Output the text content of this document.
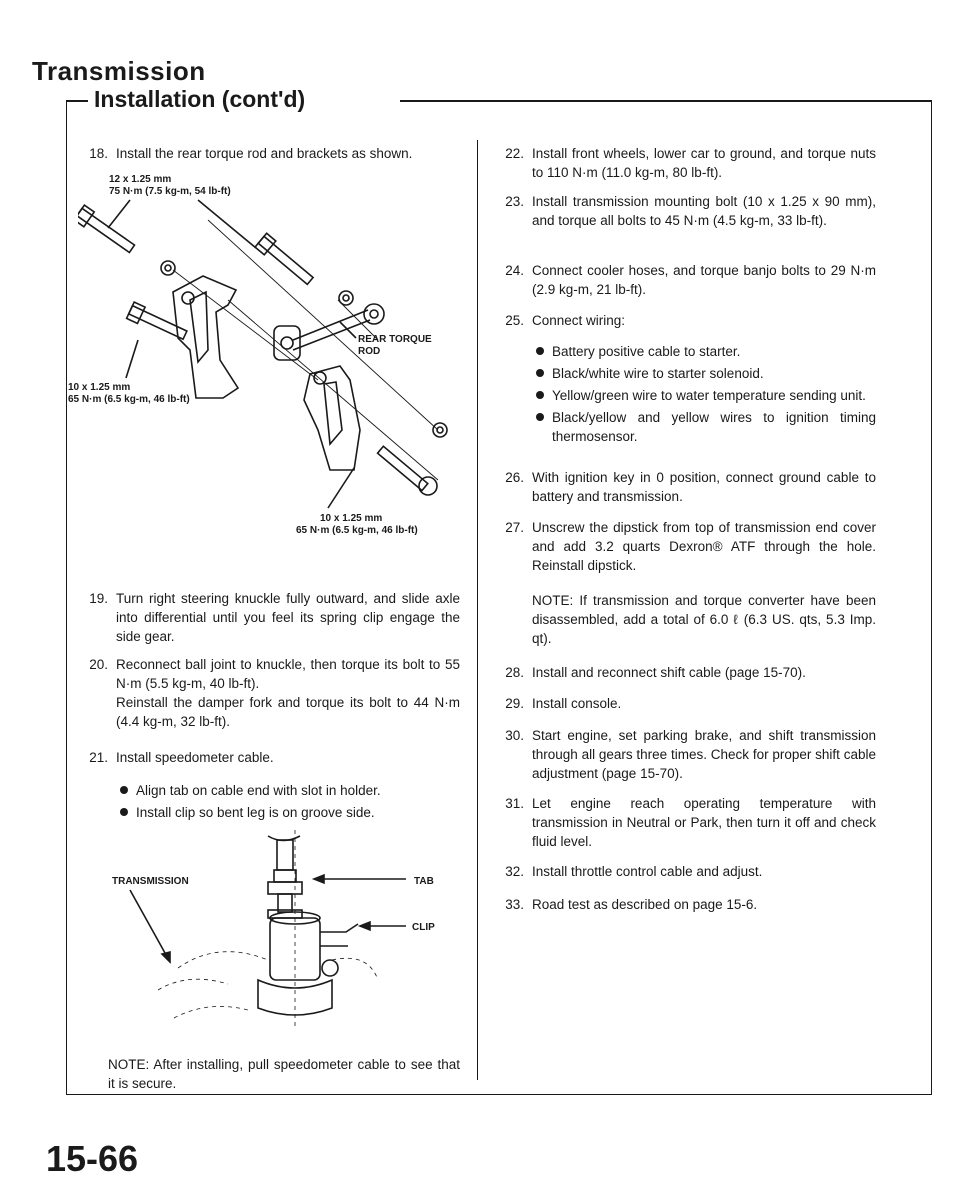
Transmission
Installation (cont'd)
18. Install the rear torque rod and brackets as shown.
12 x 1.25 mm
75 N·m (7.5 kg-m, 54 lb-ft)
REAR TORQUE
ROD
10 x 1.25 mm
65 N·m (6.5 kg-m, 46 lb-ft)
10 x 1.25 mm
65 N·m (6.5 kg-m, 46 lb-ft)
19. Turn right steering knuckle fully outward, and slide axle into differential until you feel its spring clip engage the side gear.
20. Reconnect ball joint to knuckle, then torque its bolt to 55 N·m (5.5 kg-m, 40 lb-ft).
Reinstall the damper fork and torque its bolt to 44 N·m (4.4 kg-m, 32 lb-ft).
21. Install speedometer cable.
Align tab on cable end with slot in holder.
Install clip so bent leg is on groove side.
TRANSMISSION	TAB
CLIP
NOTE: After installing, pull speedometer cable to see that it is secure.
22. Install front wheels, lower car to ground, and torque nuts to 110 N·m (11.0 kg-m, 80 lb-ft).
23. Install transmission mounting bolt (10 x 1.25 x 90 mm), and torque all bolts to 45 N·m (4.5 kg-m, 33 lb-ft).
24. Connect cooler hoses, and torque banjo bolts to 29 N·m (2.9 kg-m, 21 lb-ft).
25. Connect wiring:
Battery positive cable to starter.
Black/white wire to starter solenoid.
Yellow/green wire to water temperature sending unit.
Black/yellow and yellow wires to ignition timing thermosensor.
26. With ignition key in 0 position, connect ground cable to battery and transmission.
27. Unscrew the dipstick from top of transmission end cover and add 3.2 quarts Dexron® ATF through the hole. Reinstall dipstick.
NOTE: If transmission and torque converter have been disassembled, add a total of 6.0 ℓ (6.3 US. qts, 5.3 Imp. qt).
28. Install and reconnect shift cable (page 15-70).
29. Install console.
30. Start engine, set parking brake, and shift transmission through all gears three times. Check for proper shift cable adjustment (page 15-70).
31. Let engine reach operating temperature with transmission in Neutral or Park, then turn it off and check fluid level.
32. Install throttle control cable and adjust.
33. Road test as described on page 15-6.
15-66
